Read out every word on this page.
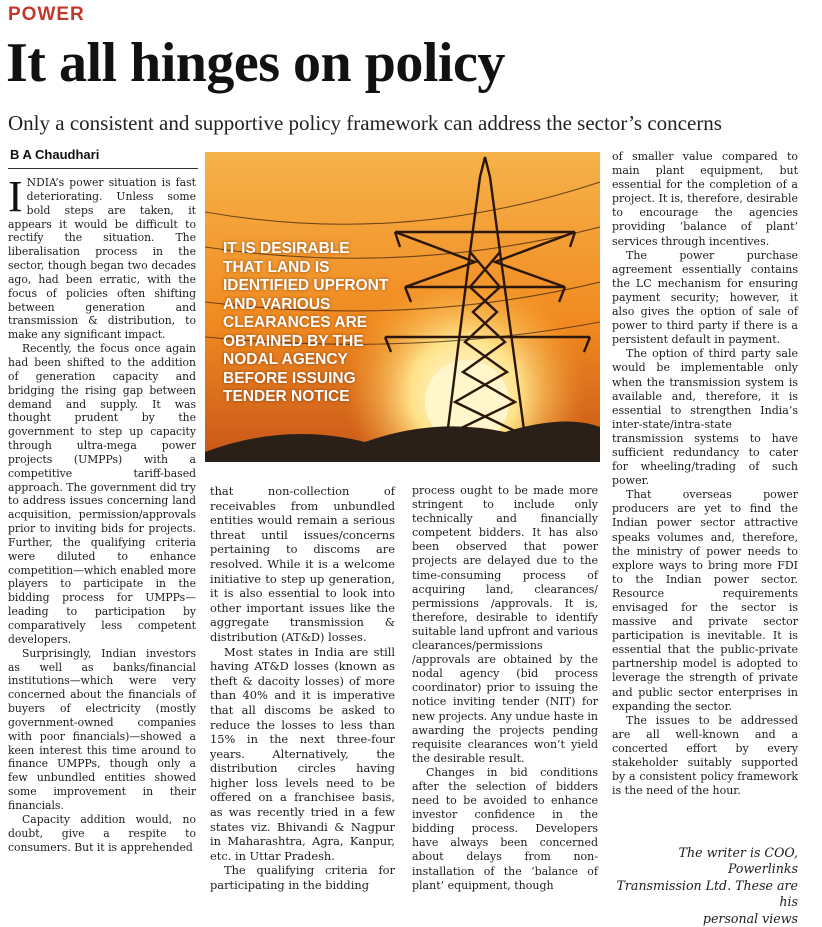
POWER
It all hinges on policy
Only a consistent and supportive policy framework can address the sector’s concerns
B A Chaudhari

INDIA’s power situation is fast deteriorating. Unless some bold steps are taken, it appears it would be difficult to rectify the situation. The liberalisation process in the sector, though began two decades ago, had been erratic, with the focus of policies often shifting between generation and transmission & distribution, to make any significant impact.

Recently, the focus once again had been shifted to the addition of generation capacity and bridging the rising gap between demand and supply. It was thought prudent by the government to step up capacity through ultra-mega power projects (UMPPs) with a competitive tariff-based approach. The government did try to address issues concerning land acquisition, permission/approvals prior to inviting bids for projects. Further, the qualifying criteria were diluted to enhance competition—which enabled more players to participate in the bidding process for UMPPs—leading to participation by comparatively less competent developers.

Surprisingly, Indian investors as well as banks/financial institutions—which were very concerned about the financials of buyers of electricity (mostly government-owned companies with poor financials)—showed a keen interest this time around to finance UMPPs, though only a few unbundled entities showed some improvement in their financials.

Capacity addition would, no doubt, give a respite to consumers. But it is apprehended

IT IS DESIRABLE THAT LAND IS IDENTIFIED UPFRONT AND VARIOUS CLEARANCES ARE OBTAINED BY THE NODAL AGENCY BEFORE ISSUING TENDER NOTICE

that non-collection of receivables from unbundled entities would remain a serious threat until issues/concerns pertaining to discoms are resolved. While it is a welcome initiative to step up generation, it is also essential to look into other important issues like the aggregate transmission & distribution (AT&D) losses.

Most states in India are still having AT&D losses (known as theft & dacoity losses) of more than 40% and it is imperative that all discoms be asked to reduce the losses to less than 15% in the next three-four years. Alternatively, the distribution circles having higher loss levels need to be offered on a franchisee basis, as was recently tried in a few states viz. Bhivandi & Nagpur in Maharashtra, Agra, Kanpur, etc. in Uttar Pradesh.

The qualifying criteria for participating in the bidding

process ought to be made more stringent to include only technically and financially competent bidders. It has also been observed that power projects are delayed due to the time-consuming process of acquiring land, clearances/ permissions /approvals. It is, therefore, desirable to identify suitable land upfront and various clearances/permissions /approvals are obtained by the nodal agency (bid process coordinator) prior to issuing the notice inviting tender (NIT) for new projects. Any undue haste in awarding the projects pending requisite clearances won’t yield the desirable result.

Changes in bid conditions after the selection of bidders need to be avoided to enhance investor confidence in the bidding process. Developers have always been concerned about delays from non-installation of the ‘balance of plant’ equipment, though

of smaller value compared to main plant equipment, but essential for the completion of a project. It is, therefore, desirable to encourage the agencies providing ‘balance of plant’ services through incentives.

The power purchase agreement essentially contains the LC mechanism for ensuring payment security; however, it also gives the option of sale of power to third party if there is a persistent default in payment.

The option of third party sale would be implementable only when the transmission system is available and, therefore, it is essential to strengthen India’s inter-state/intra-state transmission systems to have sufficient redundancy to cater for wheeling/trading of such power.

That overseas power producers are yet to find the Indian power sector attractive speaks volumes and, therefore, the ministry of power needs to explore ways to bring more FDI to the Indian power sector. Resource requirements envisaged for the sector is massive and private sector participation is inevitable. It is essential that the public-private partnership model is adopted to leverage the strength of private and public sector enterprises in expanding the sector.

The issues to be addressed are all well-known and a concerted effort by every stakeholder suitably supported by a consistent policy framework is the need of the hour.

The writer is COO, Powerlinks
Transmission Ltd. These are his
personal views
